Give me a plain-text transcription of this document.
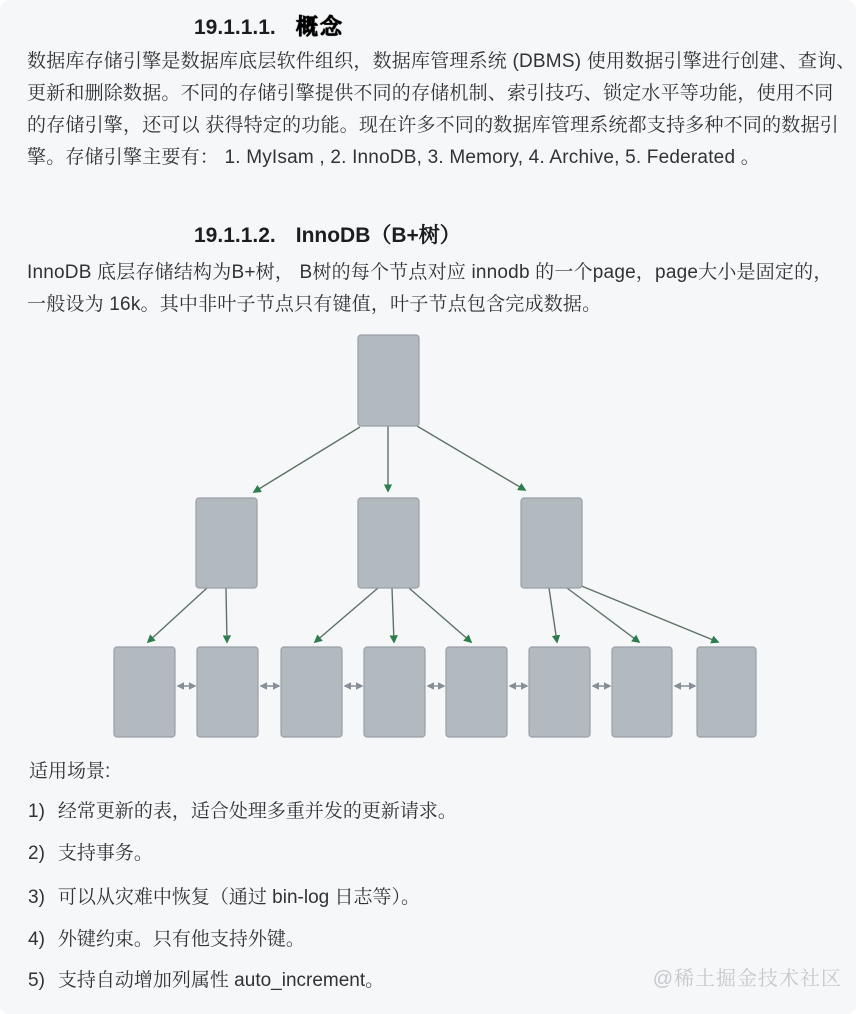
19.1.1.1. 概念
数据库存储引擎是数据库底层软件组织，数据库管理系统 (DBMS) 使用数据引擎进行创建、查询、
更新和删除数据。不同的存储引擎提供不同的存储机制、索引技巧、锁定水平等功能，使用不同
的存储引擎，还可以 获得特定的功能。现在许多不同的数据库管理系统都支持多种不同的数据引
擎。存储引擎主要有： 1. MyIsam , 2. InnoDB, 3. Memory, 4. Archive, 5. Federated 。
19.1.1.2. InnoDB（B+树）
InnoDB 底层存储结构为B+树， B树的每个节点对应 innodb 的一个page，page大小是固定的，
一般设为 16k。其中非叶子节点只有键值，叶子节点包含完成数据。
适用场景:
1) 经常更新的表，适合处理多重并发的更新请求。
2) 支持事务。
3) 可以从灾难中恢复（通过 bin-log 日志等）。
4) 外键约束。只有他支持外键。
5) 支持自动增加列属性 auto_increment。	@稀土掘金技术社区
